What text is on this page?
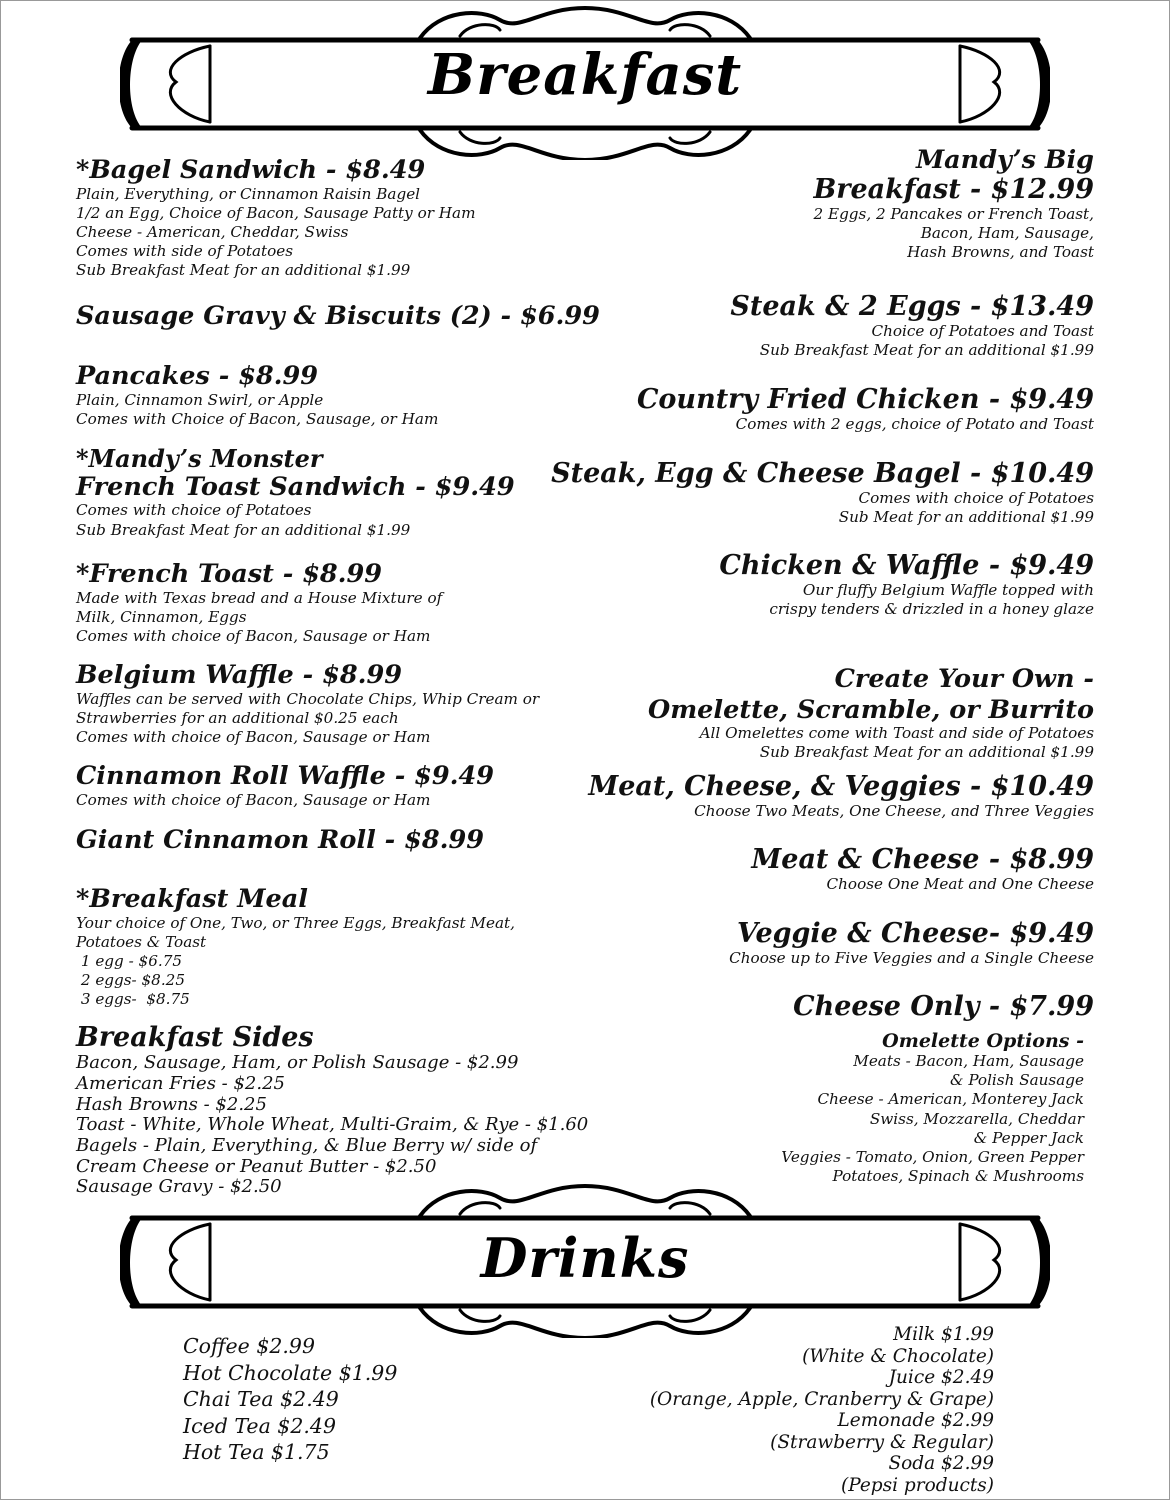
Breakfast
*Bagel Sandwich - $8.49
Plain, Everything, or Cinnamon Raisin Bagel
1/2 an Egg, Choice of Bacon, Sausage Patty or Ham
Cheese - American, Cheddar, Swiss
Comes with side of Potatoes
Sub Breakfast Meat for an additional $1.99
Sausage Gravy & Biscuits (2) - $6.99
Pancakes - $8.99
Plain, Cinnamon Swirl, or Apple
Comes with Choice of Bacon, Sausage, or Ham
*Mandy’s Monster
French Toast Sandwich - $9.49
Comes with choice of Potatoes
Sub Breakfast Meat for an additional $1.99
*French Toast - $8.99
Made with Texas bread and a House Mixture of
Milk, Cinnamon, Eggs
Comes with choice of Bacon, Sausage or Ham
Belgium Waffle - $8.99
Waffles can be served with Chocolate Chips, Whip Cream or
Strawberries for an additional $0.25 each
Comes with choice of Bacon, Sausage or Ham
Cinnamon Roll Waffle - $9.49
Comes with choice of Bacon, Sausage or Ham
Giant Cinnamon Roll - $8.99
*Breakfast Meal
Your choice of One, Two, or Three Eggs, Breakfast Meat,
Potatoes & Toast
1 egg - $6.75
2 eggs- $8.25
3 eggs-  $8.75
Breakfast Sides
Bacon, Sausage, Ham, or Polish Sausage - $2.99
American Fries - $2.25
Hash Browns - $2.25
Toast - White, Whole Wheat, Multi-Graim, & Rye - $1.60
Bagels - Plain, Everything, & Blue Berry w/ side of
Cream Cheese or Peanut Butter - $2.50
Sausage Gravy - $2.50
Mandy’s Big
Breakfast - $12.99
2 Eggs, 2 Pancakes or French Toast,
Bacon, Ham, Sausage,
Hash Browns, and Toast
Steak & 2 Eggs - $13.49
Choice of Potatoes and Toast
Sub Breakfast Meat for an additional $1.99
Country Fried Chicken - $9.49
Comes with 2 eggs, choice of Potato and Toast
Steak, Egg & Cheese Bagel - $10.49
Comes with choice of Potatoes
Sub Meat for an additional $1.99
Chicken & Waffle - $9.49
Our fluffy Belgium Waffle topped with
crispy tenders & drizzled in a honey glaze
Create Your Own -
Omelette, Scramble, or Burrito
All Omelettes come with Toast and side of Potatoes
Sub Breakfast Meat for an additional $1.99
Meat, Cheese, & Veggies - $10.49
Choose Two Meats, One Cheese, and Three Veggies
Meat & Cheese - $8.99
Choose One Meat and One Cheese
Veggie & Cheese- $9.49
Choose up to Five Veggies and a Single Cheese
Cheese Only - $7.99
Omelette Options -
Meats - Bacon, Ham, Sausage
& Polish Sausage
Cheese - American, Monterey Jack
Swiss, Mozzarella, Cheddar
& Pepper Jack
Veggies - Tomato, Onion, Green Pepper
Potatoes, Spinach & Mushrooms
Drinks
Coffee $2.99
Hot Chocolate $1.99
Chai Tea $2.49
Iced Tea $2.49
Hot Tea $1.75
Milk $1.99
(White & Chocolate)
Juice $2.49
(Orange, Apple, Cranberry & Grape)
Lemonade $2.99
(Strawberry & Regular)
Soda $2.99
(Pepsi products)
